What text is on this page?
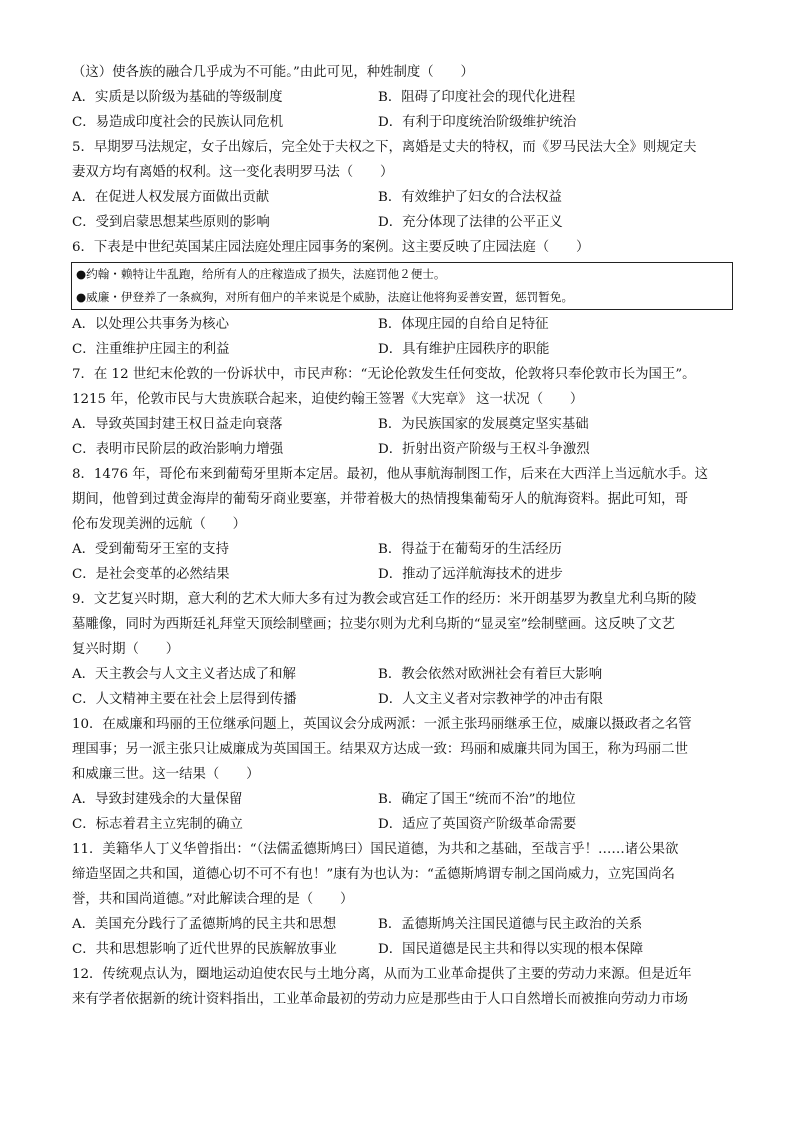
（这）使各族的融合几乎成为不可能。”由此可见，种姓制度（　　）
A．实质是以阶级为基础的等级制度	B．阻碍了印度社会的现代化进程
C．易造成印度社会的民族认同危机	D．有利于印度统治阶级维护统治
5．早期罗马法规定，女子出嫁后，完全处于夫权之下，离婚是丈夫的特权，而《罗马民法大全》则规定夫
妻双方均有离婚的权利。这一变化表明罗马法（　　）
A．在促进人权发展方面做出贡献	B．有效维护了妇女的合法权益
C．受到启蒙思想某些原则的影响	D．充分体现了法律的公平正义
6．下表是中世纪英国某庄园法庭处理庄园事务的案例。这主要反映了庄园法庭（　　）
●约翰・赖特让牛乱跑，给所有人的庄稼造成了损失，法庭罚他２便士。
●威廉・伊登养了一条疯狗，对所有佃户的羊来说是个威胁，法庭让他将狗妥善安置，惩罚暂免。
A．以处理公共事务为核心	B．体现庄园的自给自足特征
C．注重维护庄园主的利益	D．具有维护庄园秩序的职能
7．在 12 世纪末伦敦的一份诉状中，市民声称：“无论伦敦发生任何变故，伦敦将只奉伦敦市长为国王”。
1215 年，伦敦市民与大贵族联合起来，迫使约翰王签署《大宪章》 这一状况（　　）
A．导致英国封建王权日益走向衰落	B．为民族国家的发展奠定坚实基础
C．表明市民阶层的政治影响力增强	D．折射出资产阶级与王权斗争激烈
8．1476 年，哥伦布来到葡萄牙里斯本定居。最初，他从事航海制图工作，后来在大西洋上当远航水手。这
期间，他曾到过黄金海岸的葡萄牙商业要塞，并带着极大的热情搜集葡萄牙人的航海资料。据此可知，哥
伦布发现美洲的远航（　　）
A．受到葡萄牙王室的支持	B．得益于在葡萄牙的生活经历
C．是社会变革的必然结果	D．推动了远洋航海技术的进步
9．文艺复兴时期，意大利的艺术大师大多有过为教会或宫廷工作的经历：米开朗基罗为教皇尤利乌斯的陵
墓雕像，同时为西斯廷礼拜堂天顶绘制壁画；拉斐尔则为尤利乌斯的“显灵室”绘制壁画。这反映了文艺
复兴时期（　　）
A．天主教会与人文主义者达成了和解	B．教会依然对欧洲社会有着巨大影响
C．人文精神主要在社会上层得到传播	D．人文主义者对宗教神学的冲击有限
10．在威廉和玛丽的王位继承问题上，英国议会分成两派：一派主张玛丽继承王位，威廉以摄政者之名管
理国事；另一派主张只让威廉成为英国国王。结果双方达成一致：玛丽和威廉共同为国王，称为玛丽二世
和威廉三世。这一结果（　　）
A．导致封建残余的大量保留	B．确定了国王“统而不治”的地位
C．标志着君主立宪制的确立	D．适应了英国资产阶级革命需要
11．美籍华人丁义华曾指出：“（法儒孟德斯鸠曰）国民道德，为共和之基础，至哉言乎！……诸公果欲
缔造坚固之共和国，道德心切不可不有也！”康有为也认为：“孟德斯鸠谓专制之国尚威力，立宪国尚名
誉，共和国尚道德。”对此解读合理的是（　　）
A．美国充分践行了孟德斯鸠的民主共和思想	B．孟德斯鸠关注国民道德与民主政治的关系
C．共和思想影响了近代世界的民族解放事业	D．国民道德是民主共和得以实现的根本保障
12．传统观点认为，圈地运动迫使农民与土地分离，从而为工业革命提供了主要的劳动力来源。但是近年
来有学者依据新的统计资料指出，工业革命最初的劳动力应是那些由于人口自然增长而被推向劳动力市场
